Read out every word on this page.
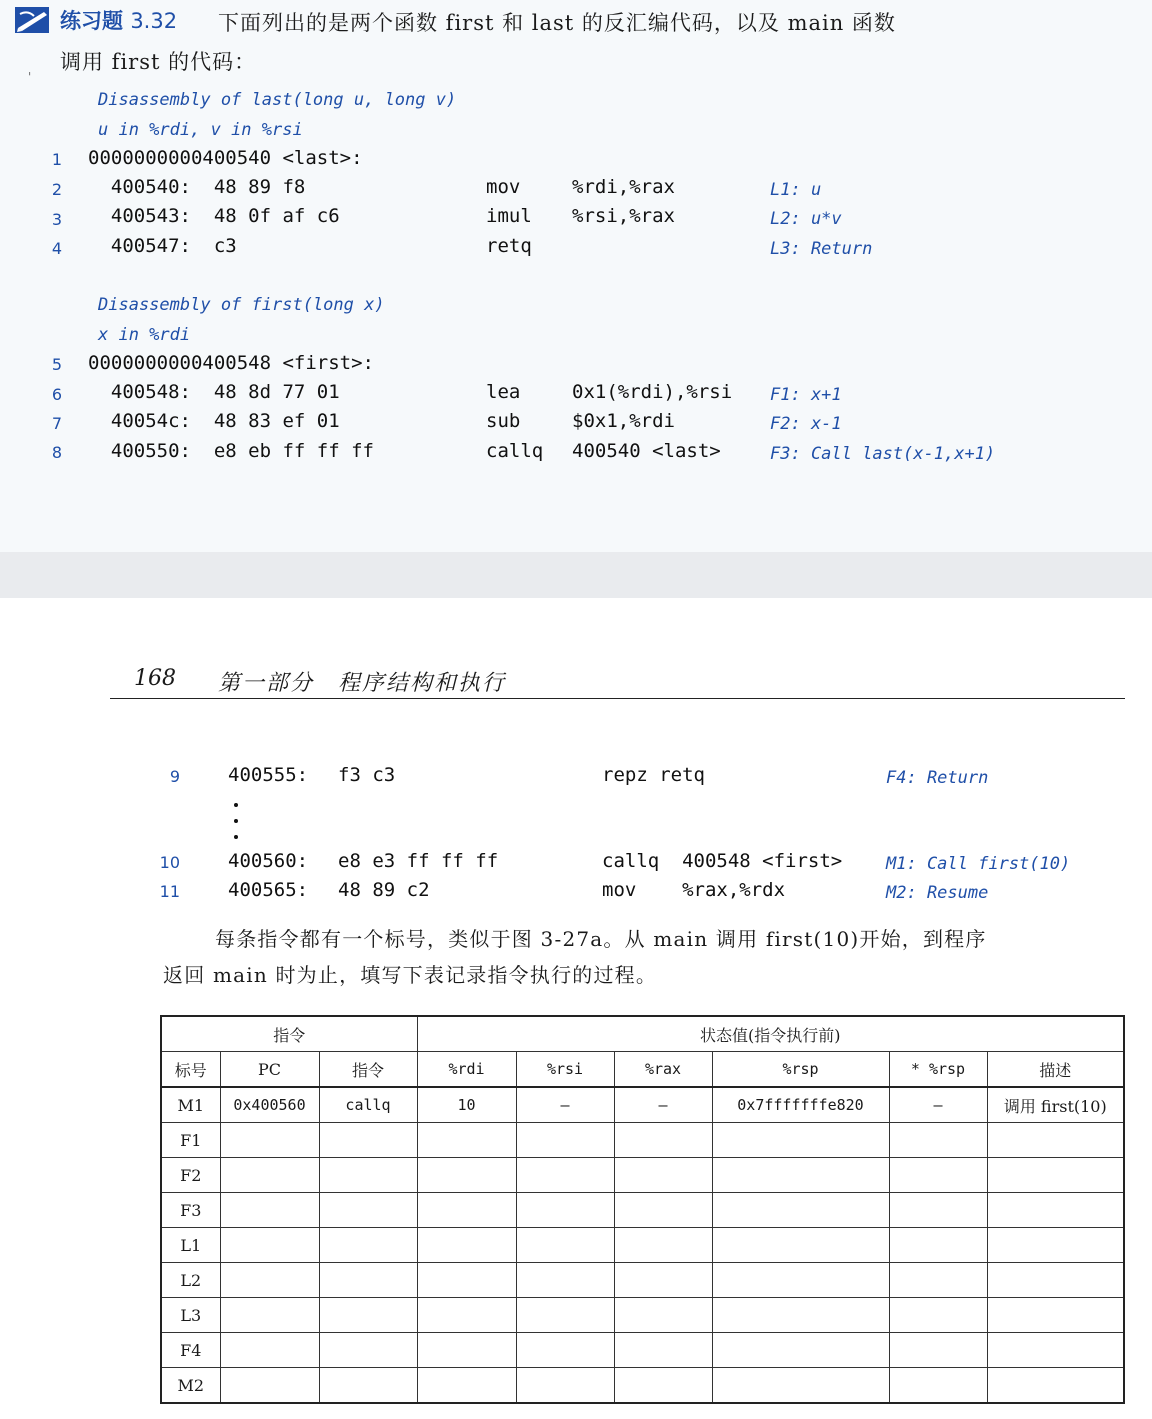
练习题 3.32 下面列出的是两个函数 first 和 last 的反汇编代码，以及 main 函数
调用 first 的代码：
'
Disassembly of last(long u, long v)
u in %rdi, v in %rsi
1 0000000000400540 <last>:
2 400540:  48 89 f8	mov	%rdi,%rax	L1: u
3 400543:  48 0f af c6	imul %rsi,%rax	L2: u*v
4 400547:  c3	retq	L3: Return
Disassembly of first(long x)
x in %rdi
5 0000000000400548 <first>:
6 400548:  48 8d 77 01	lea	0x1(%rdi),%rsi F1: x+1
7 40054c:  48 83 ef 01	sub	$0x1,%rdi	F2: x-1
8 400550:  e8 eb ff ff ff	callq 400540 <last>	F3: Call last(x-1,x+1)
168 第一部分　程序结构和执行
9	400555: f3 c3	repz retq	F4: Return
10	400560: e8 e3 ff ff ff	callq  400548 <first>	M1: Call first(10)
11	400565: 48 89 c2	mov    %rax,%rdx	M2: Resume
每条指令都有一个标号，类似于图 3-27a。从 main 调用 first(10)开始，到程序
返回 main 时为止，填写下表记录指令执行的过程。
指令			状态值(指令执行前)					
标号	PC	指令	%rdi	%rsi	%rax	%rsp	* %rsp	描述
M1	0x400560	callq	10	—	—	0x7fffffffe820	—	调用 first(10)
F1								
F2								
F3								
L1								
L2								
L3								
F4								
M2								
